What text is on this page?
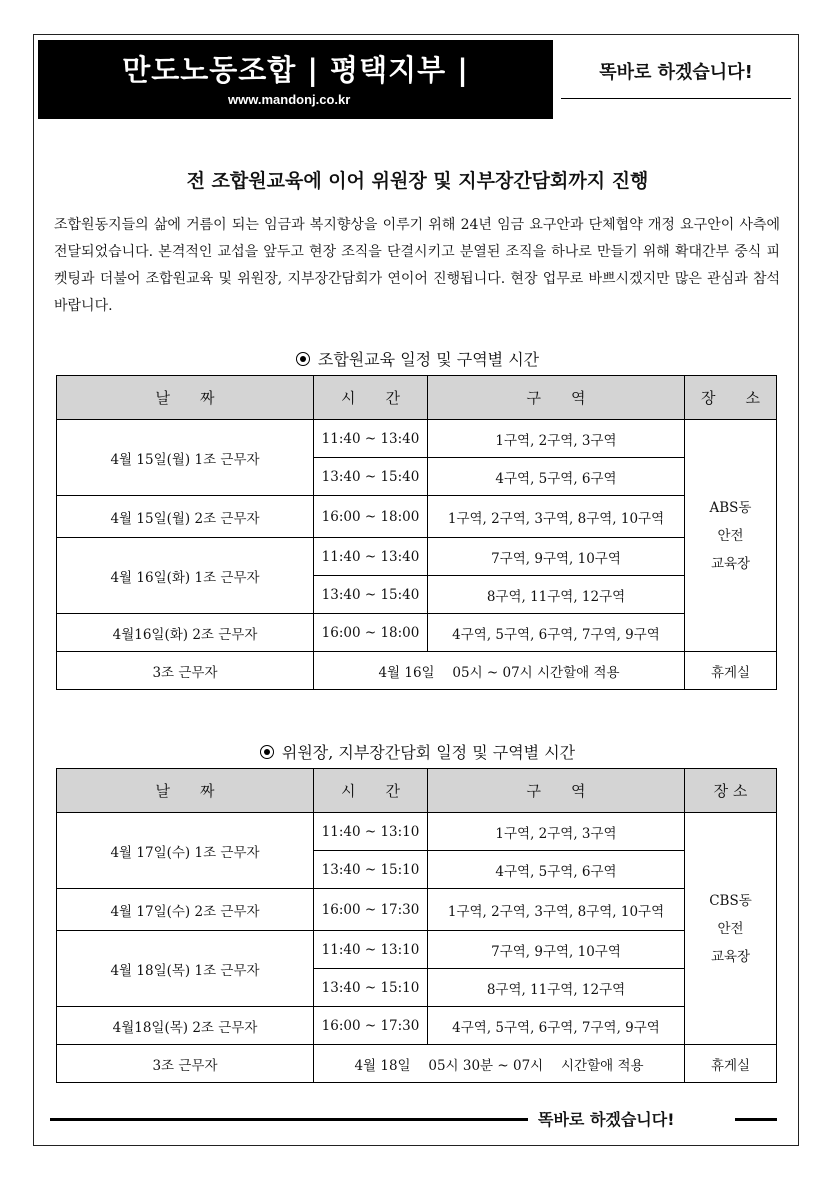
만도노동조합 | 평택지부 |
www.mandonj.co.kr
똑바로 하겠습니다!
전 조합원교육에 이어 위원장 및 지부장간담회까지 진행
조합원동지들의 삶에 거름이 되는 임금과 복지향상을 이루기 위해 24년 임금 요구안과 단체협약 개정 요구안이 사측에 전달되었습니다. 본격적인 교섭을 앞두고 현장 조직을 단결시키고 분열된 조직을 하나로 만들기 위해 확대간부 중식 피켓팅과 더불어 조합원교육 및 위원장, 지부장간담회가 연이어 진행됩니다. 현장 업무로 바쁘시겠지만 많은 관심과 참석 바랍니다.
조합원교육 일정 및 구역별 시간
날　　짜	시　　간	구　　역	장　　소
4월 15일(월) 1조 근무자	11:40 ~ 13:40	1구역, 2구역, 3구역	ABS동
안전
교육장
	13:40 ~ 15:40	4구역, 5구역, 6구역	
4월 15일(월) 2조 근무자	16:00 ~ 18:00	1구역, 2구역, 3구역, 8구역, 10구역	
4월 16일(화) 1조 근무자	11:40 ~ 13:40	7구역, 9구역, 10구역	
	13:40 ~ 15:40	8구역, 11구역, 12구역	
4월16일(화) 2조 근무자	16:00 ~ 18:00	4구역, 5구역, 6구역, 7구역, 9구역	
3조 근무자	4월 16일　 05시 ~ 07시 시간할애 적용		휴게실
위원장, 지부장간담회 일정 및 구역별 시간
날　　짜	시　　간	구　　역	장 소
4월 17일(수) 1조 근무자	11:40 ~ 13:10	1구역, 2구역, 3구역	CBS동
안전
교육장
	13:40 ~ 15:10	4구역, 5구역, 6구역	
4월 17일(수) 2조 근무자	16:00 ~ 17:30	1구역, 2구역, 3구역, 8구역, 10구역	
4월 18일(목) 1조 근무자	11:40 ~ 13:10	7구역, 9구역, 10구역	
	13:40 ~ 15:10	8구역, 11구역, 12구역	
4월18일(목) 2조 근무자	16:00 ~ 17:30	4구역, 5구역, 6구역, 7구역, 9구역	
3조 근무자	4월 18일　 05시 30분 ~ 07시　 시간할애 적용		휴게실
똑바로 하겠습니다!
